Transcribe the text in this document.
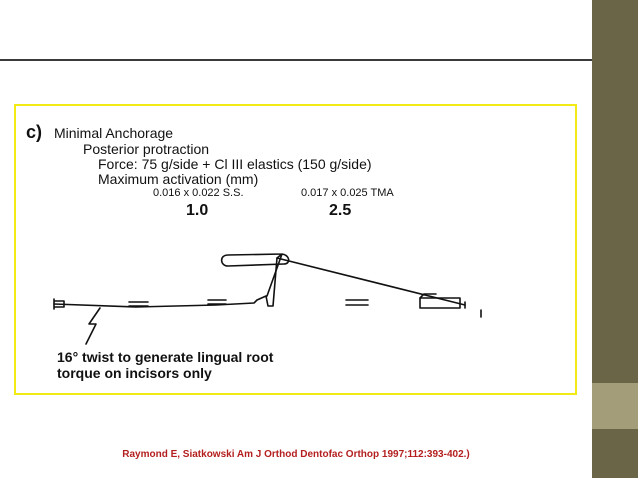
c) Minimal Anchorage
Posterior protraction
Force: 75 g/side + Cl III elastics (150 g/side)
Maximum activation (mm)
0.016 x 0.022 S.S.	0.017 x 0.025 TMA
1.0	2.5
16° twist to generate lingual root torque on incisors only
Raymond E, Siatkowski Am J Orthod Dentofac Orthop 1997;112:393-402.)
